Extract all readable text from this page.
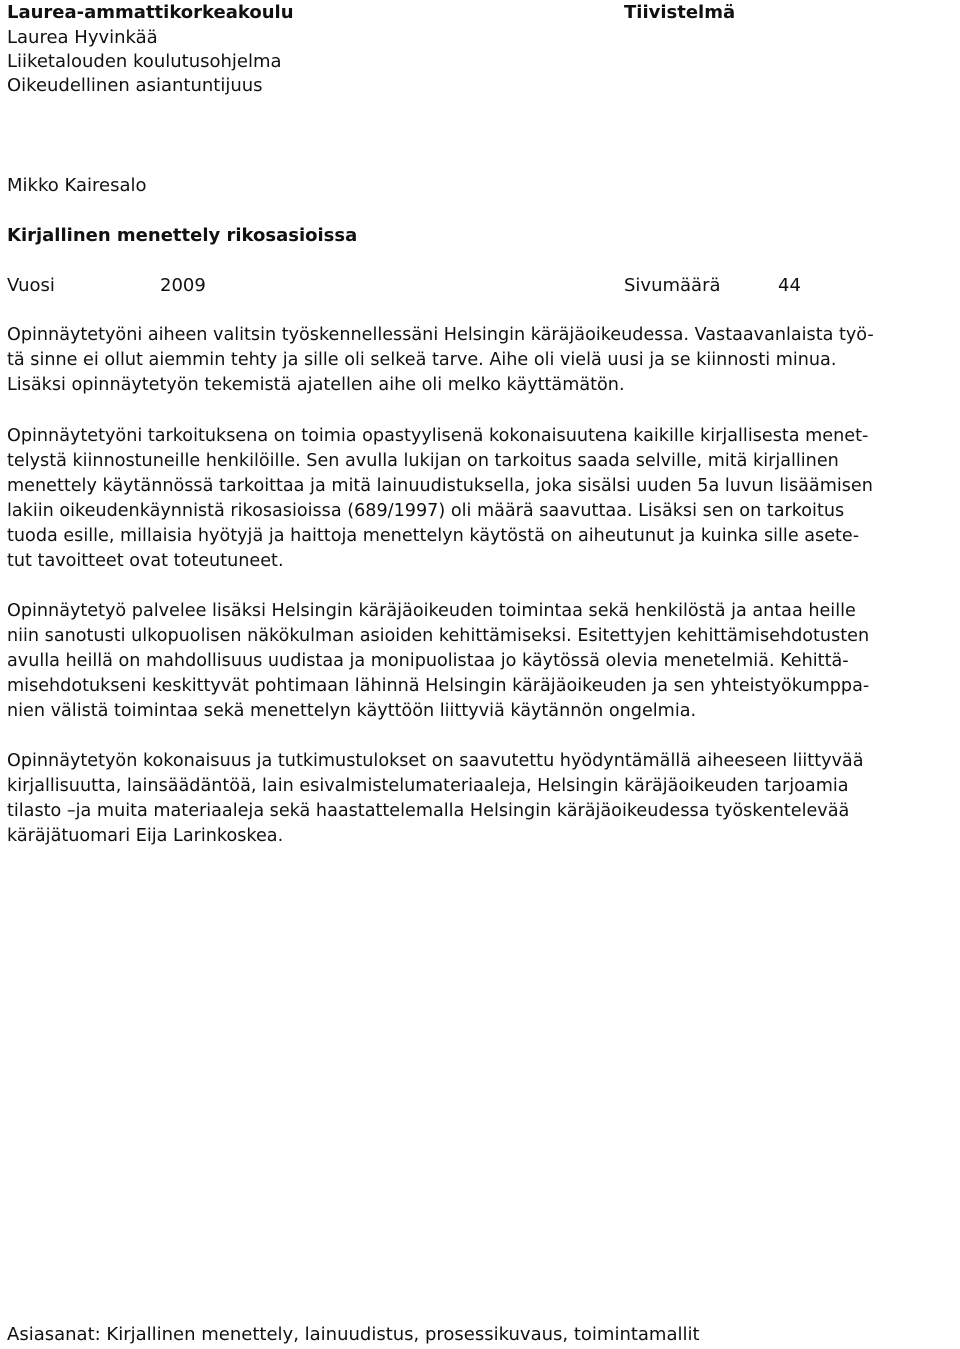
Laurea-ammattikorkeakoulu
Laurea Hyvinkää
Liiketalouden koulutusohjelma
Oikeudellinen asiantuntijuus
Tiivistelmä
Mikko Kairesalo
Kirjallinen menettely rikosasioissa
Vuosi	2009	Sivumäärä	44
Opinnäytetyöni aiheen valitsin työskennellessäni Helsingin käräjäoikeudessa. Vastaavanlaista työ-
tä sinne ei ollut aiemmin tehty ja sille oli selkeä tarve. Aihe oli vielä uusi ja se kiinnosti minua.
Lisäksi opinnäytetyön tekemistä ajatellen aihe oli melko käyttämätön.
Opinnäytetyöni tarkoituksena on toimia opastyylisenä kokonaisuutena kaikille kirjallisesta menet-
telystä kiinnostuneille henkilöille. Sen avulla lukijan on tarkoitus saada selville, mitä kirjallinen
menettely käytännössä tarkoittaa ja mitä lainuudistuksella, joka sisälsi uuden 5a luvun lisäämisen
lakiin oikeudenkäynnistä rikosasioissa (689/1997) oli määrä saavuttaa. Lisäksi sen on tarkoitus
tuoda esille, millaisia hyötyjä ja haittoja menettelyn käytöstä on aiheutunut ja kuinka sille asete-
tut tavoitteet ovat toteutuneet.
Opinnäytetyö palvelee lisäksi Helsingin käräjäoikeuden toimintaa sekä henkilöstä ja antaa heille
niin sanotusti ulkopuolisen näkökulman asioiden kehittämiseksi. Esitettyjen kehittämisehdotusten
avulla heillä on mahdollisuus uudistaa ja monipuolistaa jo käytössä olevia menetelmiä. Kehittä-
misehdotukseni keskittyvät pohtimaan lähinnä Helsingin käräjäoikeuden ja sen yhteistyökumppa-
nien välistä toimintaa sekä menettelyn käyttöön liittyviä käytännön ongelmia.
Opinnäytetyön kokonaisuus ja tutkimustulokset on saavutettu hyödyntämällä aiheeseen liittyvää
kirjallisuutta, lainsäädäntöä, lain esivalmistelumateriaaleja, Helsingin käräjäoikeuden tarjoamia
tilasto –ja muita materiaaleja sekä haastattelemalla Helsingin käräjäoikeudessa työskentelevää
käräjätuomari Eija Larinkoskea.
Asiasanat: Kirjallinen menettely, lainuudistus, prosessikuvaus, toimintamallit
